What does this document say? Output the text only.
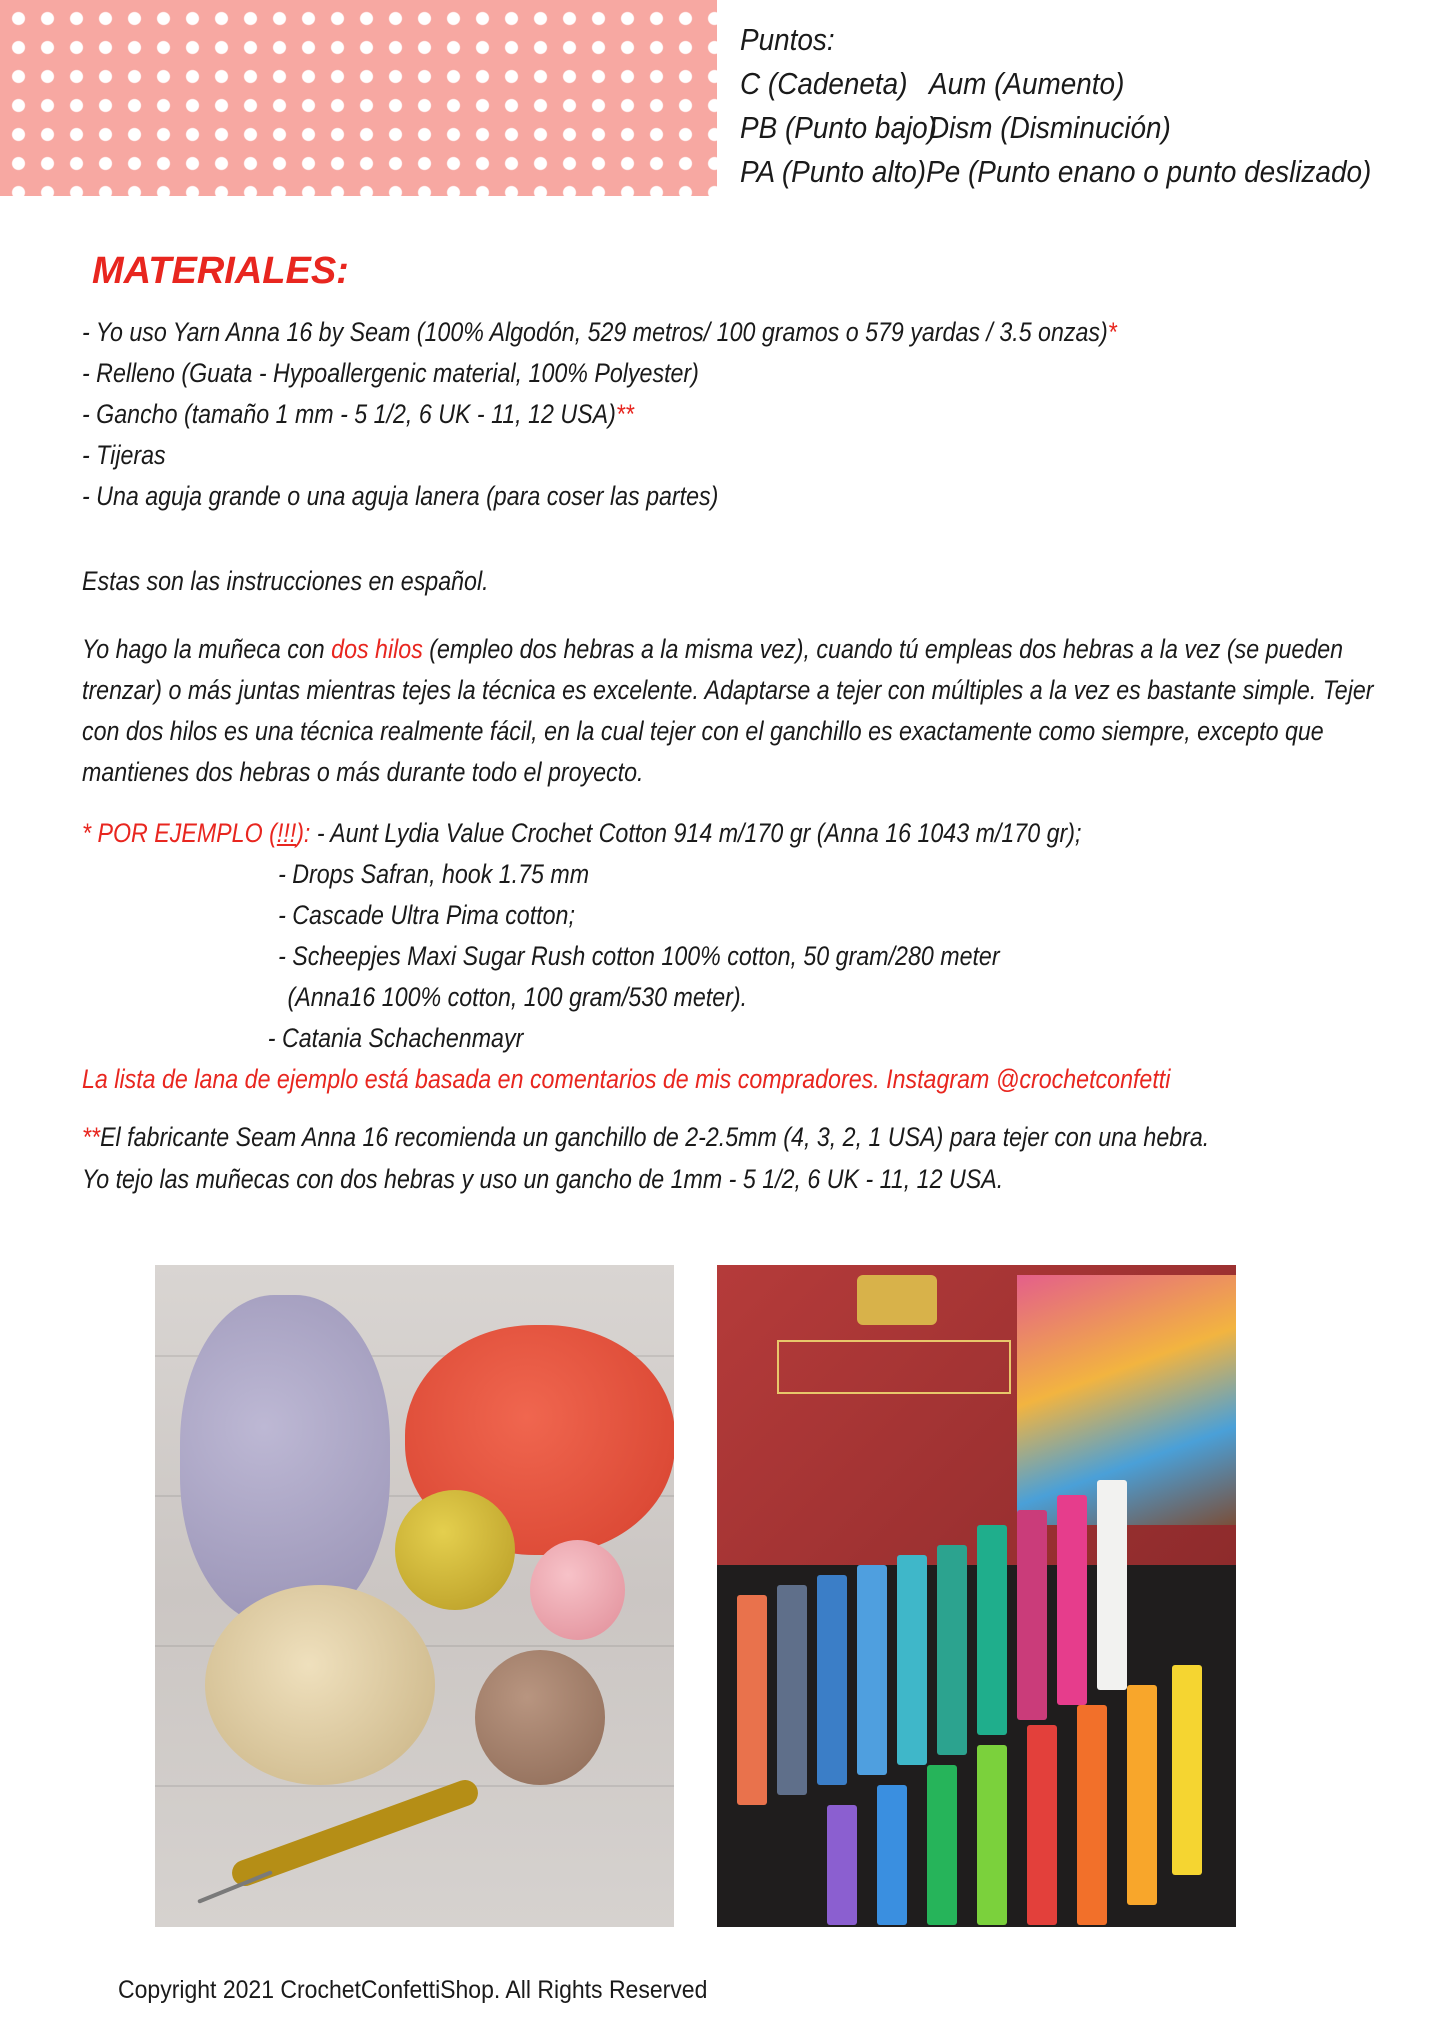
Puntos:
C (Cadeneta) Aum (Aumento)
PB (Punto bajo)
Dism (Disminución)
PA (Punto alto) Pe (Punto enano o punto deslizado)
MATERIALES:
- Yo uso Yarn Anna 16 by Seam (100% Algodón, 529 metros/ 100 gramos o 579 yardas / 3.5 onzas)*
- Relleno (Guata - Hypoallergenic material, 100% Polyester)
- Gancho (tamaño 1 mm - 5 1/2, 6 UK - 11, 12 USA)**
- Tijeras
- Una aguja grande o una aguja lanera (para coser las partes)
Estas son las instrucciones en español.
Yo hago la muñeca con dos hilos (empleo dos hebras a la misma vez), cuando tú empleas dos hebras a la vez (se pueden
trenzar) o más juntas mientras tejes la técnica es excelente. Adaptarse a tejer con múltiples a la vez es bastante simple. Tejer
con dos hilos es una técnica realmente fácil, en la cual tejer con el ganchillo es exactamente como siempre, excepto que
mantienes dos hebras o más durante todo el proyecto.
* POR EJEMPLO (!!!): - Aunt Lydia Value Crochet Cotton 914 m/170 gr (Anna 16 1043 m/170 gr);
- Drops Safran, hook 1.75 mm
- Cascade Ultra Pima cotton;
- Scheepjes Maxi Sugar Rush cotton 100% cotton, 50 gram/280 meter
(Anna16 100% cotton, 100 gram/530 meter).
- Catania Schachenmayr
La lista de lana de ejemplo está basada en comentarios de mis compradores. Instagram @crochetconfetti
**El fabricante Seam Anna 16 recomienda un ganchillo de 2-2.5mm (4, 3, 2, 1 USA) para tejer con una hebra.
Yo tejo las muñecas con dos hebras y uso un gancho de 1mm - 5 1/2, 6 UK - 11, 12 USA.
Copyright 2021 CrochetConfettiShop. All Rights Reserved
